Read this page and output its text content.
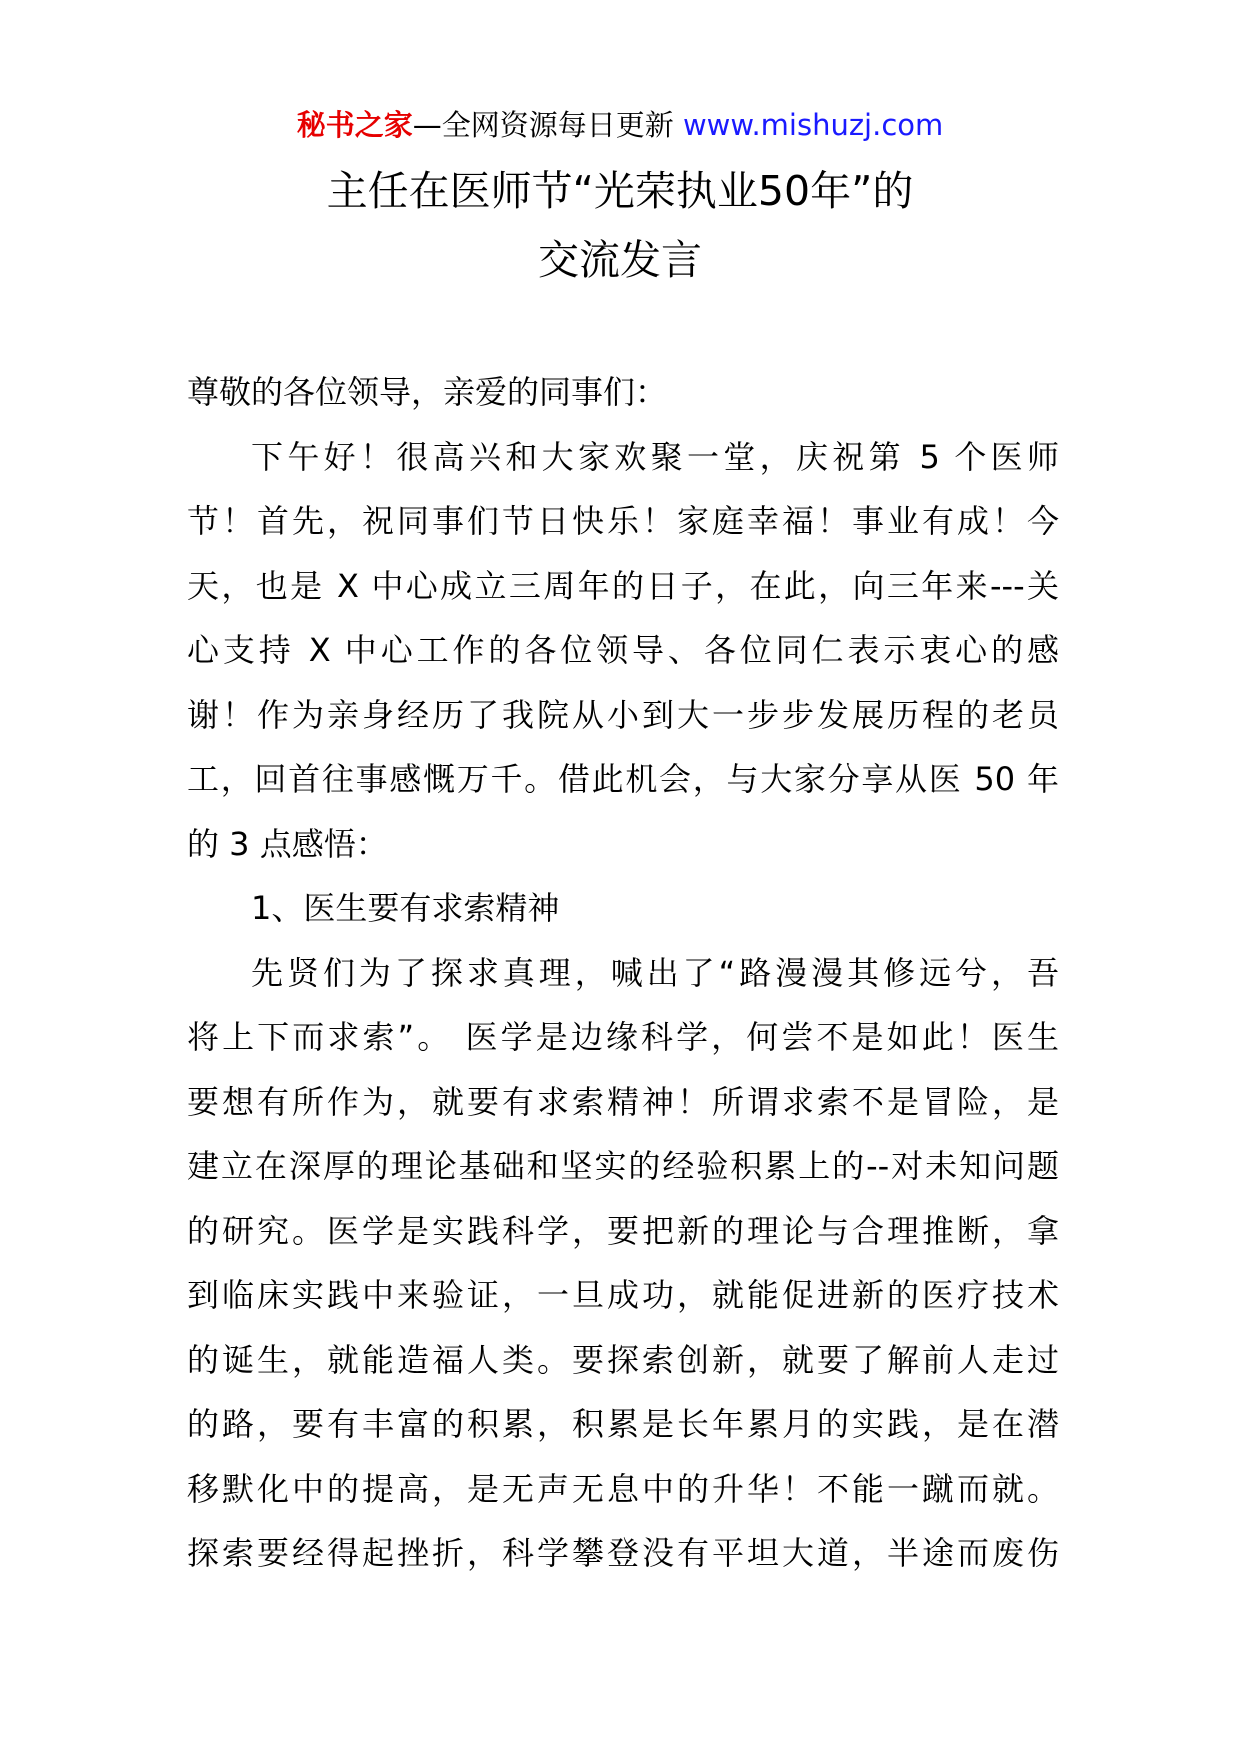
秘书之家—全网资源每日更新 www.mishuzj.com
主任在医师节“光荣执业50年”的
交流发言
尊敬的各位领导，亲爱的同事们：
下午好！很高兴和大家欢聚一堂，庆祝第 5 个医师
节！首先，祝同事们节日快乐！家庭幸福！事业有成！今
天，也是 X 中心成立三周年的日子，在此，向三年来---关
心支持 X 中心工作的各位领导、各位同仁表示衷心的感
谢！作为亲身经历了我院从小到大一步步发展历程的老员
工，回首往事感慨万千。借此机会，与大家分享从医 50 年
的 3 点感悟：
1、医生要有求索精神
先贤们为了探求真理，喊出了“路漫漫其修远兮，吾
将上下而求索”。 医学是边缘科学，何尝不是如此！医生
要想有所作为，就要有求索精神！所谓求索不是冒险，是
建立在深厚的理论基础和坚实的经验积累上的--对未知问题
的研究。医学是实践科学，要把新的理论与合理推断，拿
到临床实践中来验证，一旦成功，就能促进新的医疗技术
的诞生，就能造福人类。要探索创新，就要了解前人走过
的路，要有丰富的积累，积累是长年累月的实践，是在潜
移默化中的提高，是无声无息中的升华！不能一蹴而就。
探索要经得起挫折，科学攀登没有平坦大道，半途而废伤
